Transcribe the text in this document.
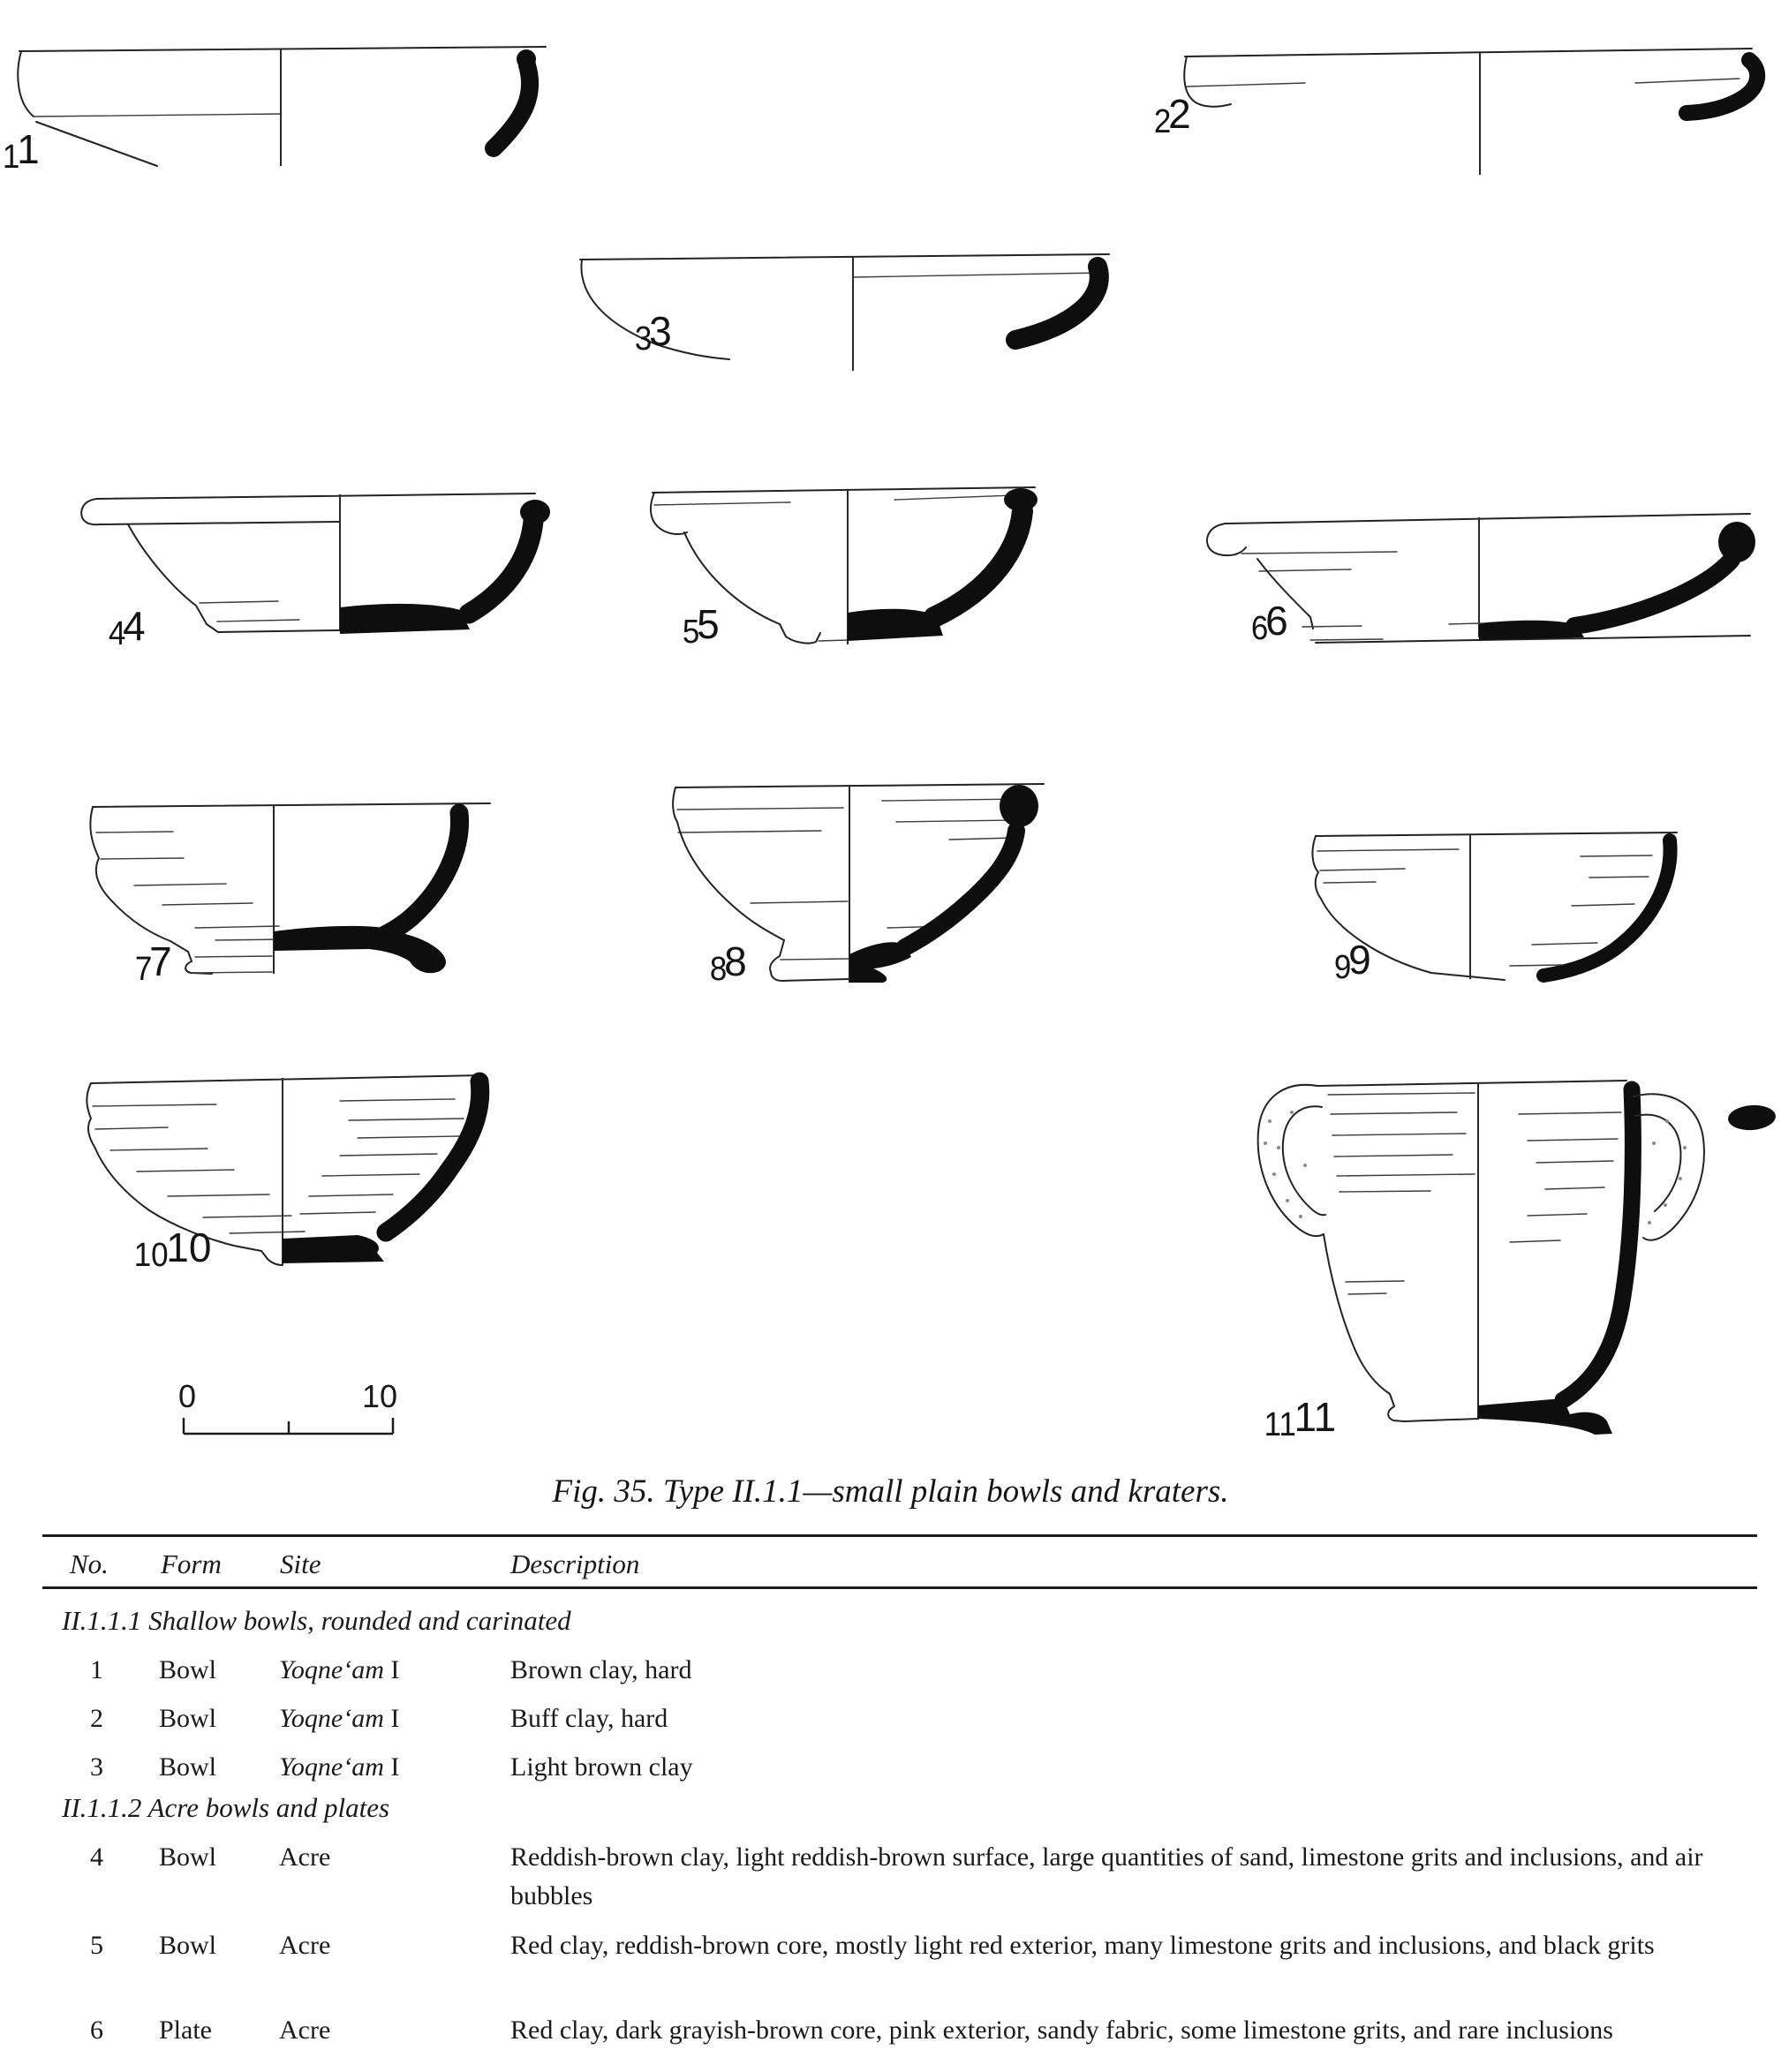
1
1
2
2
3
3
4
4	5
5	6
6
7
7	8
8	9
9
10
10
11
11
0	10
Fig. 35. Type II.1.1—small plain bowls and kraters.
No. Form Site	Description
II.1.1.1 Shallow bowls, rounded and carinated
1 Bowl Yoqne‘am I	Brown clay, hard
2 Bowl Yoqne‘am I	Buff clay, hard
3 Bowl Yoqne‘am I	Light brown clay
II.1.1.2 Acre bowls and plates
4 Bowl Acre	Reddish-brown clay, light reddish-brown surface, large quantities of sand, limestone grits and inclusions, and air bubbles
5 Bowl Acre	Red clay, reddish-brown core, mostly light red exterior, many limestone grits and inclusions, and black grits
6 Plate	Acre	Red clay, dark grayish-brown core, pink exterior, sandy fabric, some limestone grits, and rare inclusions
